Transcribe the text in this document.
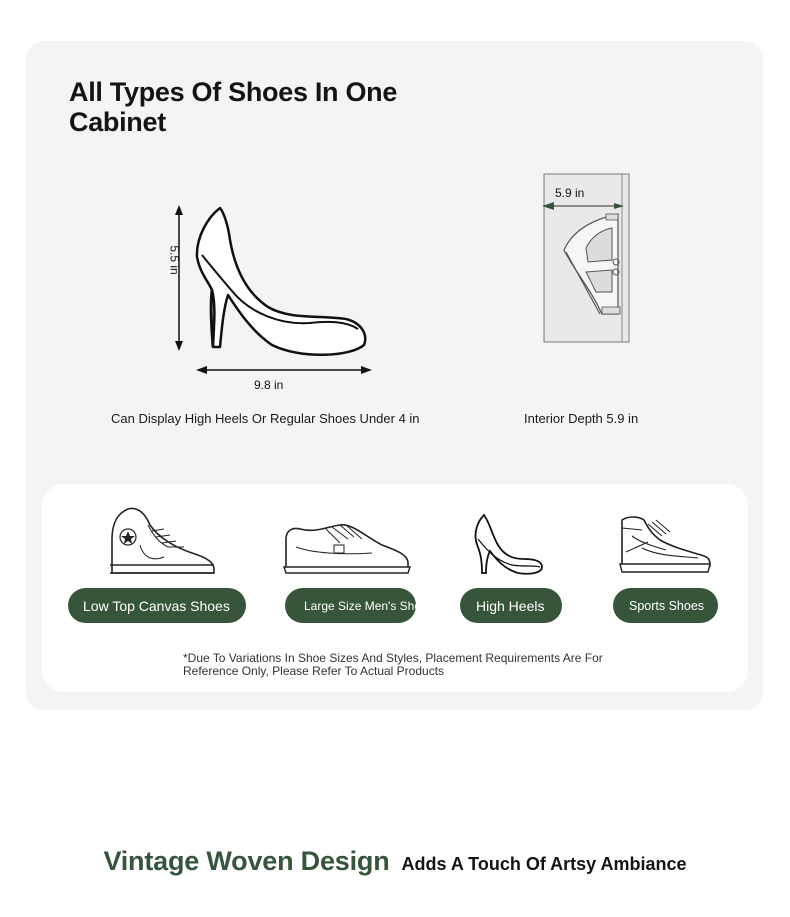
All Types Of Shoes In One Cabinet
9.8 in
5.5 in
5.9 in
Can Display High Heels Or Regular Shoes Under 4 in	Interior Depth 5.9 in
Low Top Canvas Shoes	Large Size Men's Shoes	High Heels	Sports Shoes
*Due To Variations In Shoe Sizes And Styles, Placement Requirements Are For Reference Only, Please Refer To Actual Products
Vintage Woven Design Adds A Touch Of Artsy Ambiance
